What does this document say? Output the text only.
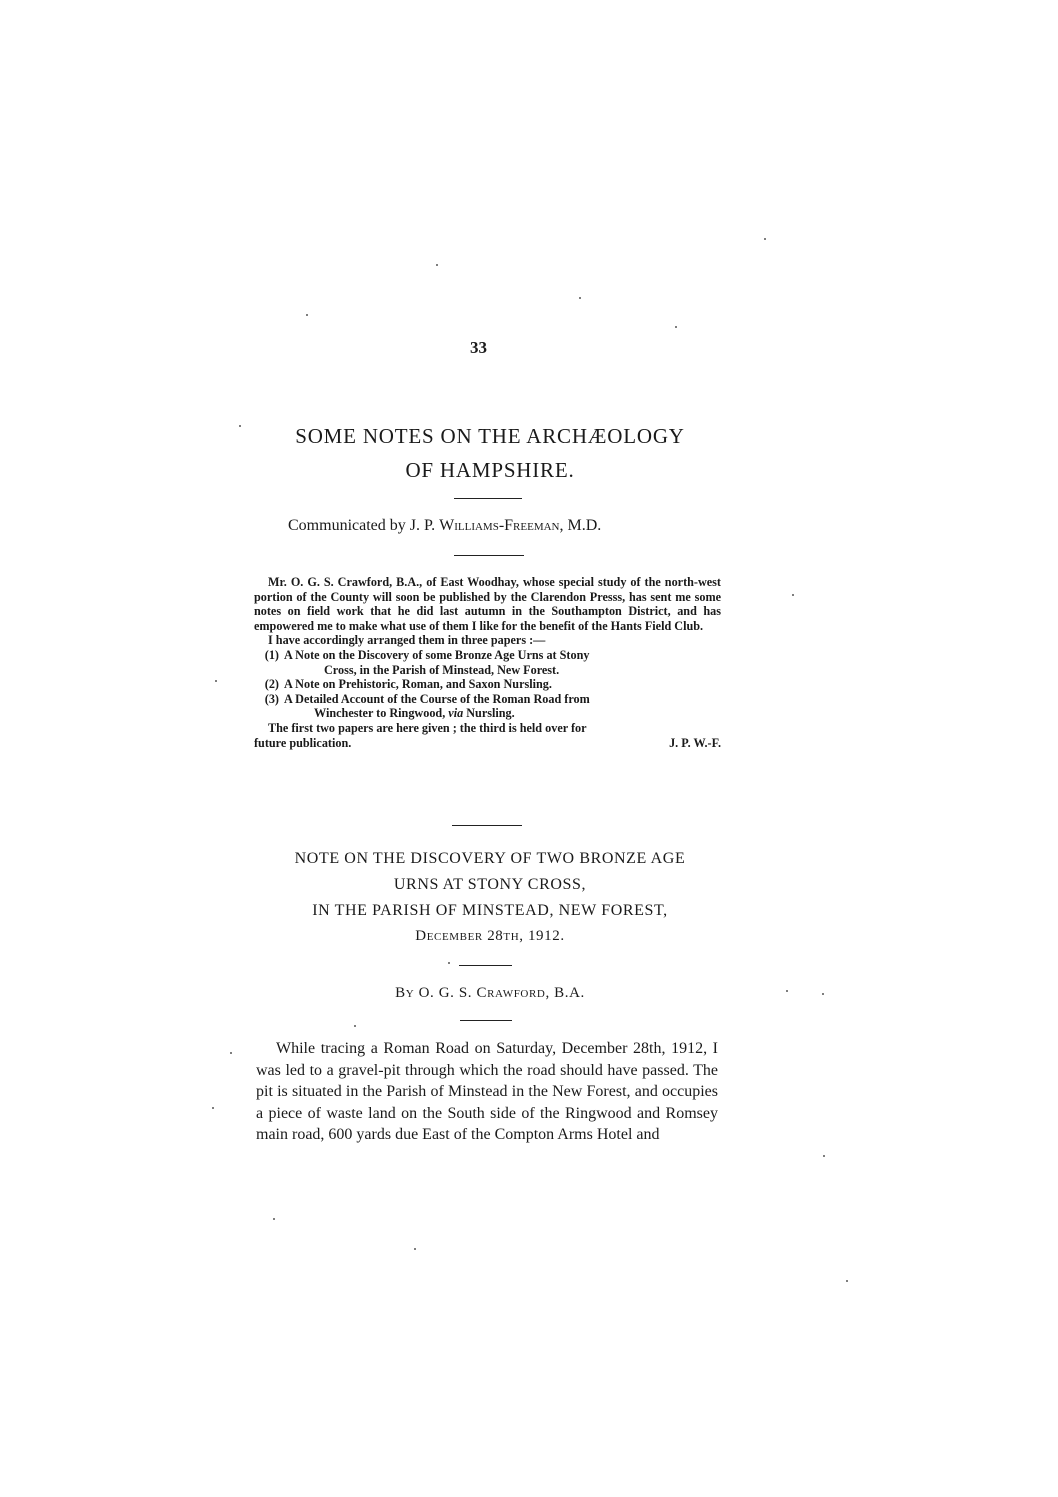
33
SOME NOTES ON THE ARCHÆOLOGY
OF HAMPSHIRE.
Communicated by J. P. Williams-Freeman, M.D.

Mr. O. G. S. Crawford, B.A., of East Woodhay, whose special study of the north-west portion of the County will soon be published by the Clarendon Presss, has sent me some notes on field work that he did last autumn in the Southampton District, and has empowered me to make what use of them I like for the benefit of the Hants Field Club.

I have accordingly arranged them in three papers :—

(1) A Note on the Discovery of some Bronze Age Urns at Stony
Cross, in the Parish of Minstead, New Forest.
(2) A Note on Prehistoric, Roman, and Saxon Nursling.
(3) A Detailed Account of the Course of the Roman Road from
Winchester to Ringwood, via Nursling.

The first two papers are here given ; the third is held over for

future publication.	J. P. W.-F.
NOTE ON THE DISCOVERY OF TWO BRONZE AGE
URNS AT STONY CROSS,
IN THE PARISH OF MINSTEAD, NEW FOREST,
December 28th, 1912.
By O. G. S. Crawford, B.A.

While tracing a Roman Road on Saturday, December 28th, 1912, I was led to a gravel-pit through which the road should have passed. The pit is situated in the Parish of Minstead in the New Forest, and occupies a piece of waste land on the South side of the Ringwood and Romsey main road, 600 yards due East of the Compton Arms Hotel and
